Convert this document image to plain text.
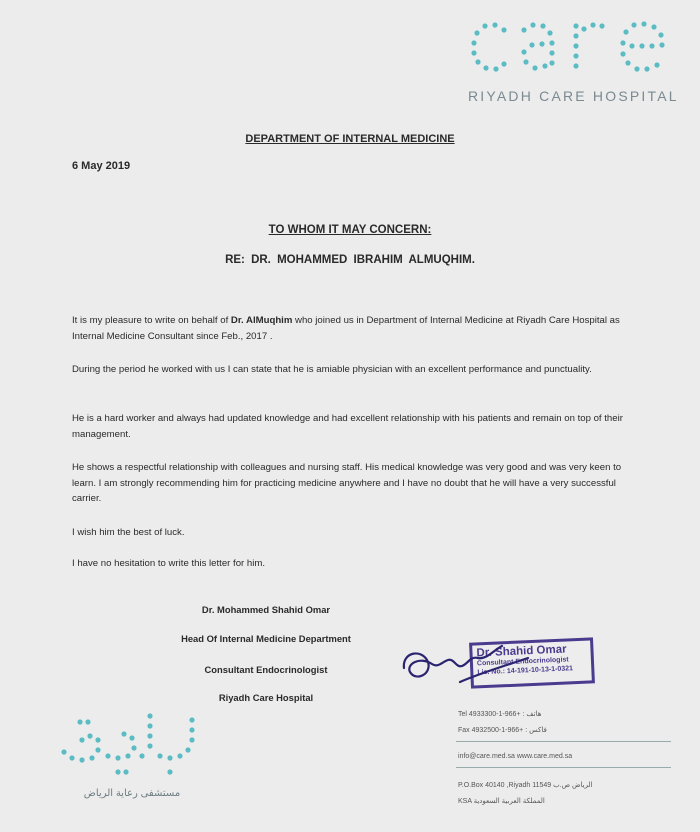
RIYADH CARE HOSPITAL
DEPARTMENT OF INTERNAL MEDICINE
6 May 2019
TO WHOM IT MAY CONCERN:
RE: DR. MOHAMMED IBRAHIM ALMUQHIM.
It is my pleasure to write on behalf of Dr. AlMuqhim who joined us in Department of Internal Medicine at Riyadh Care Hospital as Internal Medicine Consultant since Feb., 2017 .
During the period he worked with us I can state that he is amiable physician with an excellent performance and punctuality.
He is a hard worker and always had updated knowledge and had excellent relationship with his patients and remain on top of their management.
He shows a respectful relationship with colleagues and nursing staff. His medical knowledge was very good and was very keen to learn. I am strongly recommending him for practicing medicine anywhere and I have no doubt that he will have a very successful carrier.
I wish him the best of luck.
I have no hesitation to write this letter for him.
Dr. Mohammed Shahid Omar
Head Of Internal Medicine Department
Consultant Endocrinologist
Riyadh Care Hospital
Dr. Shahid Omar
Consultant Endocrinologist
Lic. No.: 14-191-10-13-1-0321
Tel هاتف : +966-1-4933300
Fax فاكس : +966-1-4932500
info@care.med.sa www.care.med.sa
P.O.Box 40140 ,Riyadh 11549 الرياض ص.ب
KSA المملكة العربية السعودية
مستشفى رعاية الرياض
